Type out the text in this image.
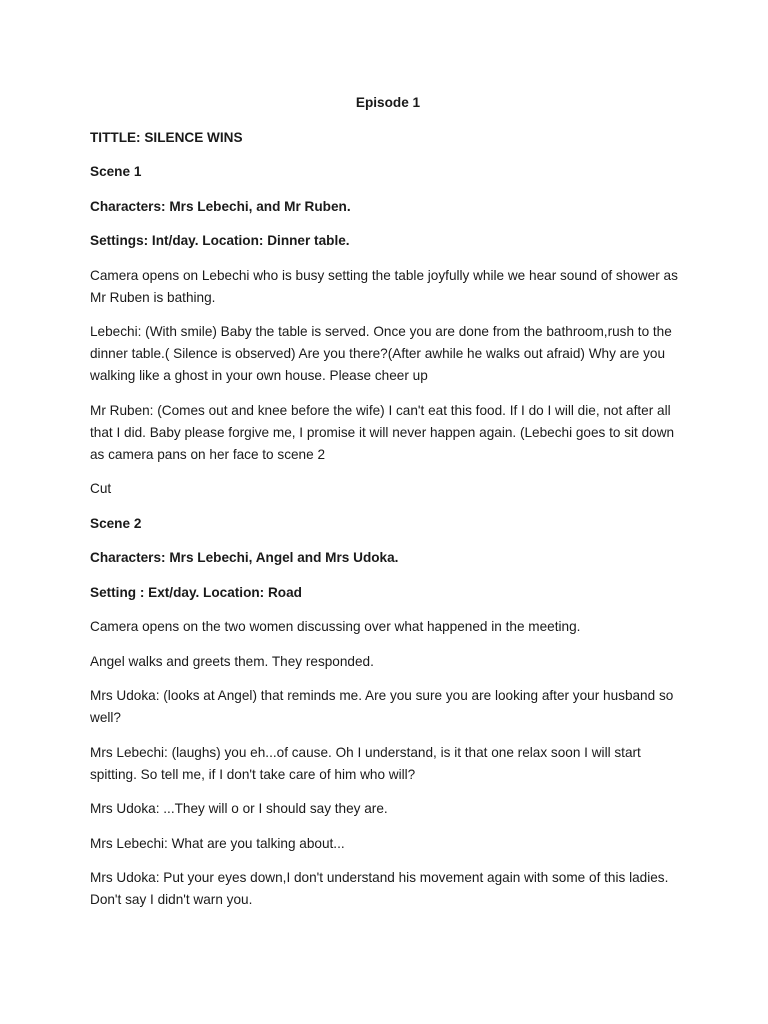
Episode 1

TITTLE: SILENCE WINS

Scene 1

Characters: Mrs Lebechi, and Mr Ruben.

Settings: Int/day. Location: Dinner table.

Camera opens on Lebechi who is busy setting the table joyfully while we hear sound of shower as Mr Ruben is bathing.

Lebechi: (With smile) Baby the table is served. Once you are done from the bathroom,rush to the dinner table.( Silence is observed) Are you there?(After awhile he walks out afraid) Why are you walking like a ghost in your own house. Please cheer up

Mr Ruben: (Comes out and knee before the wife) I can't eat this food. If I do I will die, not after all that I did. Baby please forgive me, I promise it will never happen again. (Lebechi goes to sit down as camera pans on her face to scene 2

Cut

Scene 2

Characters: Mrs Lebechi, Angel and Mrs Udoka.

Setting : Ext/day. Location: Road

Camera opens on the two women discussing over what happened in the meeting.

Angel walks and greets them. They responded.

Mrs Udoka: (looks at Angel) that reminds me. Are you sure you are looking after your husband so well?

Mrs Lebechi: (laughs) you eh...of cause. Oh I understand, is it that one relax soon I will start spitting. So tell me, if I don't take care of him who will?

Mrs Udoka: ...They will o or I should say they are.

Mrs Lebechi: What are you talking about...

Mrs Udoka: Put your eyes down,I don't understand his movement again with some of this ladies. Don't say I didn't warn you.
